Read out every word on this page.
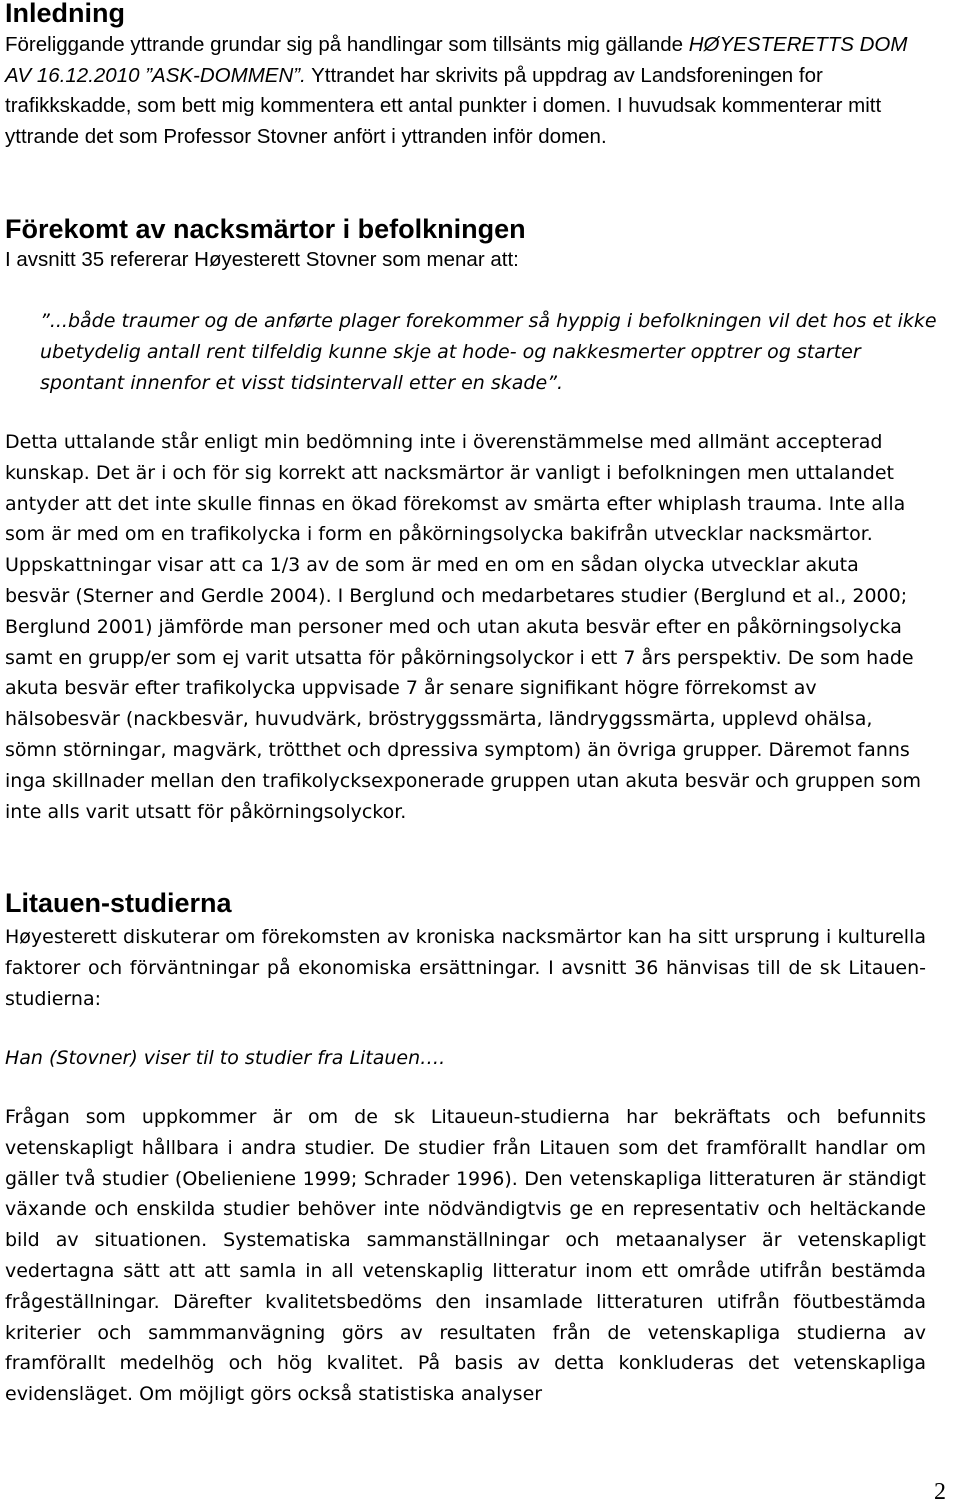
Inledning

Föreliggande yttrande grundar sig på handlingar som tillsänts mig gällande HØYESTERETTS DOM AV 16.12.2010 ”ASK-DOMMEN”. Yttrandet har skrivits på uppdrag av Landsforeningen for trafikkskadde, som bett mig kommentera ett antal punkter i domen. I huvudsak kommenterar mitt yttrande det som Professor Stovner anfört i yttranden inför domen.

Förekomt av nacksmärtor i befolkningen

I avsnitt 35 refererar Høyesterett Stovner som menar att:

”...både traumer og de anførte plager forekommer så hyppig i befolkningen vil det hos et ikke ubetydelig antall rent tilfeldig kunne skje at hode- og nakkesmerter opptrer og starter spontant innenfor et visst tidsintervall etter en skade”.

Detta uttalande står enligt min bedömning inte i överenstämmelse med allmänt accepterad kunskap. Det är i och för sig korrekt att nacksmärtor är vanligt i befolkningen men uttalandet antyder att det inte skulle finnas en ökad förekomst av smärta efter whiplash trauma. Inte alla som är med om en trafikolycka i form en påkörningsolycka bakifrån utvecklar nacksmärtor. Uppskattningar visar att ca 1/3 av de som är med en om en sådan olycka utvecklar akuta besvär (Sterner and Gerdle 2004). I Berglund och medarbetares studier (Berglund et al., 2000; Berglund 2001) jämförde man personer med och utan akuta besvär efter en påkörningsolycka samt en grupp/er som ej varit utsatta för påkörningsolyckor i ett 7 års perspektiv. De som hade akuta besvär efter trafikolycka uppvisade 7 år senare signifikant högre förrekomst av hälsobesvär (nackbesvär, huvudvärk, bröstryggssmärta, ländryggssmärta, upplevd ohälsa, sömn störningar, magvärk, trötthet och dpressiva symptom) än övriga grupper. Däremot fanns inga skillnader mellan den trafikolycksexponerade gruppen utan akuta besvär och gruppen som inte alls varit utsatt för påkörningsolyckor.

Litauen-studierna

Høyesterett diskuterar om förekomsten av kroniska nacksmärtor kan ha sitt ursprung i kulturella faktorer och förväntningar på ekonomiska ersättningar. I avsnitt 36 hänvisas till de sk Litauen-studierna:

Han (Stovner) viser til to studier fra Litauen….

Frågan som uppkommer är om de sk Litaueun-studierna har bekräftats och befunnits vetenskapligt hållbara i andra studier. De studier från Litauen som det framförallt handlar om gäller två studier (Obelieniene 1999; Schrader 1996). Den vetenskapliga litteraturen är ständigt växande och enskilda studier behöver inte nödvändigtvis ge en representativ och heltäckande bild av situationen. Systematiska sammanställningar och metaanalyser är vetenskapligt vedertagna sätt att att samla in all vetenskaplig litteratur inom ett område utifrån bestämda frågeställningar. Därefter kvalitetsbedöms den insamlade litteraturen utifrån föutbestämda kriterier och sammmanvägning görs av resultaten från de vetenskapliga studierna av framförallt medelhög och hög kvalitet. På basis av detta konkluderas det vetenskapliga evidensläget. Om möjligt görs också statistiska analyser

2
